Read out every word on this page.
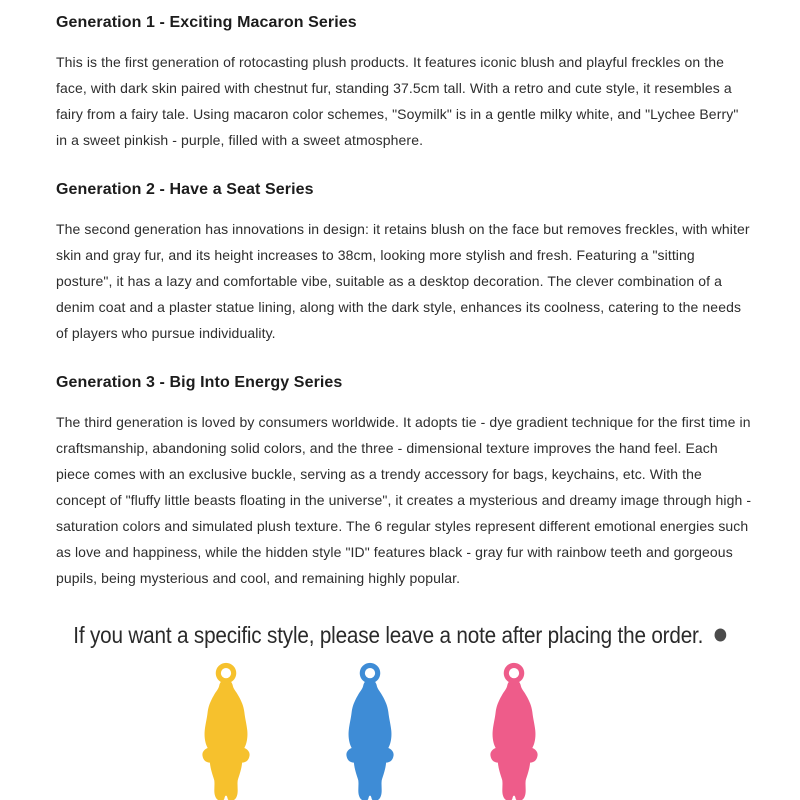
Generation 1 - Exciting Macaron Series

This is the first generation of rotocasting plush products. It features iconic blush and playful freckles on the face, with dark skin paired with chestnut fur, standing 37.5cm tall. With a retro and cute style, it resembles a fairy from a fairy tale. Using macaron color schemes, "Soymilk" is in a gentle milky white, and "Lychee Berry" in a sweet pinkish - purple, filled with a sweet atmosphere.

Generation 2 - Have a Seat Series

The second generation has innovations in design: it retains blush on the face but removes freckles, with whiter skin and gray fur, and its height increases to 38cm, looking more stylish and fresh. Featuring a "sitting posture", it has a lazy and comfortable vibe, suitable as a desktop decoration. The clever combination of a denim coat and a plaster statue lining, along with the dark style, enhances its coolness, catering to the needs of players who pursue individuality.

Generation 3 - Big Into Energy Series

The third generation is loved by consumers worldwide. It adopts tie - dye gradient technique for the first time in craftsmanship, abandoning solid colors, and the three - dimensional texture improves the hand feel. Each piece comes with an exclusive buckle, serving as a trendy accessory for bags, keychains, etc. With the concept of "fluffy little beasts floating in the universe", it creates a mysterious and dreamy image through high - saturation colors and simulated plush texture. The 6 regular styles represent different emotional energies such as love and happiness, while the hidden style "ID" features black - gray fur with rainbow teeth and gorgeous pupils, being mysterious and cool, and remaining highly popular.

If you want a specific style, please leave a note after placing the order.
